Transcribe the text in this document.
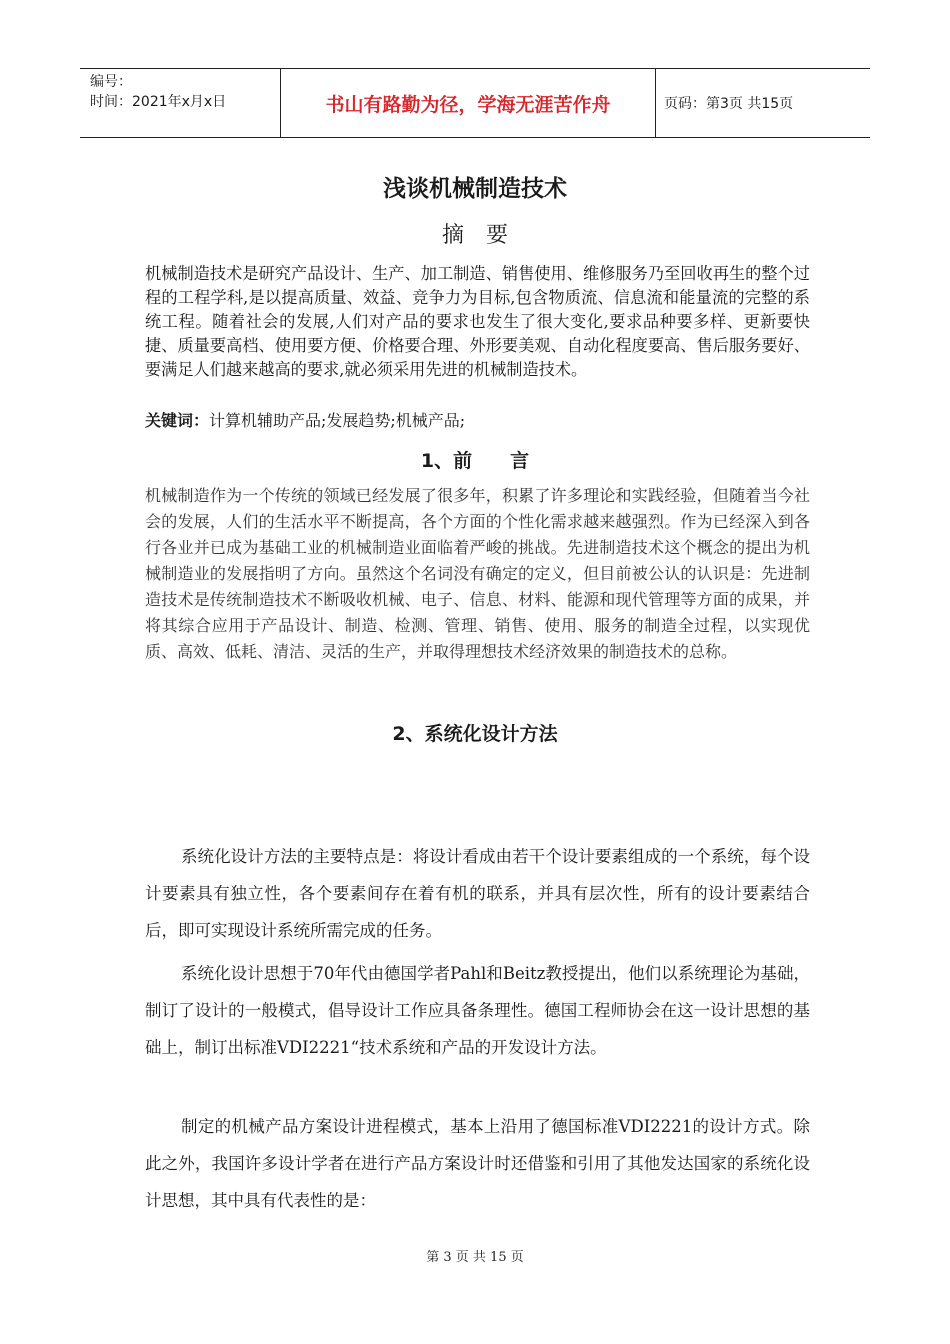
编号：
时间：2021年x月x日	书山有路勤为径，学海无涯苦作舟	页码：第3页 共15页
浅谈机械制造技术
摘要

机械制造技术是研究产品设计、生产、加工制造、销售使用、维修服务乃至回收再生的整个过程的工程学科,是以提高质量、效益、竞争力为目标,包含物质流、信息流和能量流的完整的系统工程。随着社会的发展,人们对产品的要求也发生了很大变化,要求品种要多样、更新要快捷、质量要高档、使用要方便、价格要合理、外形要美观、自动化程度要高、售后服务要好、要满足人们越来越高的要求,就必须采用先进的机械制造技术。

关键词：计算机辅助产品;发展趋势;机械产品;
1、前　　言

机械制造作为一个传统的领域已经发展了很多年，积累了许多理论和实践经验，但随着当今社会的发展，人们的生活水平不断提高，各个方面的个性化需求越来越强烈。作为已经深入到各行各业并已成为基础工业的机械制造业面临着严峻的挑战。先进制造技术这个概念的提出为机械制造业的发展指明了方向。虽然这个名词没有确定的定义，但目前被公认的认识是：先进制造技术是传统制造技术不断吸收机械、电子、信息、材料、能源和现代管理等方面的成果，并将其综合应用于产品设计、制造、检测、管理、销售、使用、服务的制造全过程，以实现优质、高效、低耗、清洁、灵活的生产，并取得理想技术经济效果的制造技术的总称。

2、系统化设计方法

系统化设计方法的主要特点是：将设计看成由若干个设计要素组成的一个系统，每个设计要素具有独立性，各个要素间存在着有机的联系，并具有层次性，所有的设计要素结合后，即可实现设计系统所需完成的任务。

系统化设计思想于70年代由德国学者Pahl和Beitz教授提出，他们以系统理论为基础，制订了设计的一般模式，倡导设计工作应具备条理性。德国工程师协会在这一设计思想的基础上，制订出标准VDI2221“技术系统和产品的开发设计方法。

制定的机械产品方案设计进程模式，基本上沿用了德国标准VDI2221的设计方式。除此之外，我国许多设计学者在进行产品方案设计时还借鉴和引用了其他发达国家的系统化设计思想，其中具有代表性的是：

第 3 页 共 15 页
